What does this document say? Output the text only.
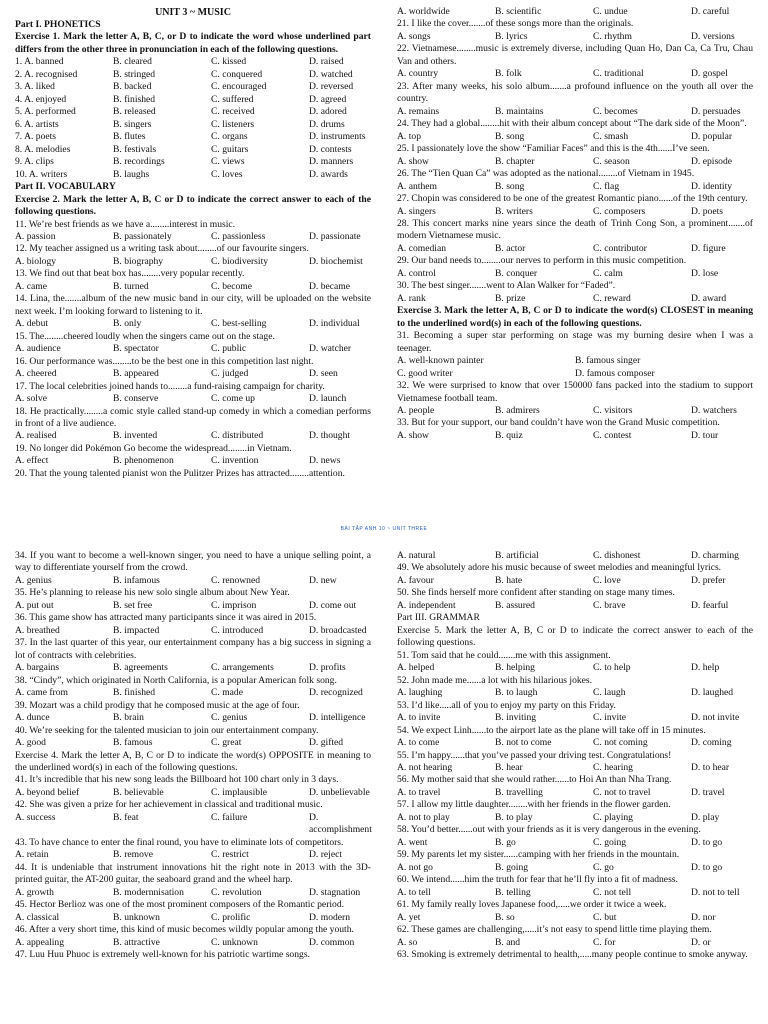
UNIT 3 ~ MUSIC
Part I. PHONETICS
Exercise 1. Mark the letter A, B, C, or D to indicate the word whose underlined part differs from the other three in pronunciation in each of the following questions.
1. A. banned	B. cleared	C. kissed	D. raised
2. A. recognised	B. stringed	C. conquered	D. watched
3. A. liked	B. backed	C. encouraged	D. reversed
4. A. enjoyed	B. finished	C. suffered	D. agreed
5. A. performed	B. released	C. received	D. adored
6. A. artists	B. singers	C. listeners	D. drums
7. A. poets	B. flutes	C. organs	D. instruments
8. A. melodies	B. festivals	C. guitars	D. contests
9. A. clips	B. recordings	C. views	D. manners
10. A. writers	B. laughs	C. loves	D. awards
Part II. VOCABULARY
Exercise 2. Mark the letter A, B, C or D to indicate the correct answer to each of the following questions.
11. We’re best friends as we have a........interest in music.
A. passion	B. passionately	C. passionless	D. passionate
12. My teacher assigned us a writing task about........of our favourite singers.
A. biology	B. biography	C. biodiversity	D. biochemist
13. We find out that beat box has........very popular recently.
A. came	B. turned	C. become	D. became
14. Lina, the.......album of the new music band in our city, will be uploaded on the website next week. I’m looking forward to listening to it.
A. debut	B. only	C. best-selling	D. individual
15. The........cheered loudly when the singers came out on the stage.
A. audience	B. spectator	C. public	D. watcher
16. Our performance was........to be the best one in this competition last night.
A. cheered	B. appeared	C. judged	D. seen
17. The local celebrities joined hands to........a fund-raising campaign for charity.
A. solve	B. conserve	C. come up	D. launch
18. He practically........a comic style called stand-up comedy in which a comedian performs in front of a live audience.
A. realised	B. invented	C. distributed	D. thought
19. No longer did Pokémon Go become the widespread........in Vietnam.
A. effect	B. phenomenon	C. invention	D. news
20. That the young talented pianist won the Pulitzer Prizes has attracted........attention.
A. worldwide	B. scientific	C. undue	D. careful
21. I like the cover.......of these songs more than the originals.
A. songs	B. lyrics	C. rhythm	D. versions
22. Vietnamese........music is extremely diverse, including Quan Ho, Dan Ca, Ca Tru, Chau Van and others.
A. country	B. folk	C. traditional	D. gospel
23. After many weeks, his solo album.......a profound influence on the youth all over the country.
A. remains	B. maintains	C. becomes	D. persuades
24. They had a global........hit with their album concept about “The dark side of the Moon”.
A. top	B. song	C. smash	D. popular
25. I passionately love the show “Familiar Faces” and this is the 4th......I’ve seen.
A. show	B. chapter	C. season	D. episode
26. The “Tien Quan Ca” was adopted as the national........of Vietnam in 1945.
A. anthem	B. song	C. flag	D. identity
27. Chopin was considered to be one of the greatest Romantic piano......of the 19th century.
A. singers	B. writers	C. composers	D. poets
28. This concert marks nine years since the death of Trinh Cong Son, a prominent.......of modern Vietnamese music.
A. comedian	B. actor	C. contributor	D. figure
29. Our band needs to........our nerves to perform in this music competition.
A. control	B. conquer	C. calm	D. lose
30. The best singer.......went to Alan Walker for “Faded”.
A. rank	B. prize	C. reward	D. award
Exercise 3. Mark the letter A, B, C or D to indicate the word(s) CLOSEST in meaning to the underlined word(s) in each of the following questions.
31. Becoming a super star performing on stage was my burning desire when I was a teenager.
A. well-known painter	B. famous singer
C. good writer	D. famous composer
32. We were surprised to know that over 150000 fans packed into the stadium to support Vietnamese football team.
A. people	B. admirers	C. visitors	D. watchers
33. But for your support, our band couldn’t have won the Grand Music competition.
A. show	B. quiz	C. contest	D. tour
BÀI TẬP ANH 10 ~ UNIT THREE
34. If you want to become a well-known singer, you need to have a unique selling point, a way to differentiate yourself from the crowd.
A. genius	B. infamous	C. renowned	D. new
35. He’s planning to release his new solo single album about New Year.
A. put out	B. set free	C. imprison	D. come out
36. This game show has attracted many participants since it was aired in 2015.
A. breathed	B. impacted	C. introduced	D. broadcasted
37. In the last quarter of this year, our entertainment company has a big success in signing a lot of contracts with celebrities.
A. bargains	B. agreements	C. arrangements	D. profits
38. “Cindy”, which originated in North California, is a popular American folk song.
A. came from	B. finished	C. made	D. recognized
39. Mozart was a child prodigy that he composed music at the age of four.
A. dunce	B. brain	C. genius	D. intelligence
40. We’re seeking for the talented musician to join our entertainment company.
A. good	B. famous	C. great	D. gifted
Exercise 4. Mark the letter A, B, C or D to indicate the word(s) OPPOSITE in meaning to the underlined word(s) in each of the following questions.
41. It’s incredible that his new song leads the Billboard hot 100 chart only in 3 days.
A. beyond belief	B. believable	C. implausible	D. unbelievable
42. She was given a prize for her achievement in classical and traditional music.
A. success	B. feat	C. failure	D. accomplishment
43. To have chance to enter the final round, you have to eliminate lots of competitors.
A. retain	B. remove	C. restrict	D. reject
44. It is undeniable that instrument innovations hit the right note in 2013 with the 3D-printed guitar, the AT-200 guitar, the seaboard grand and the wheel harp.
A. growth	B. modernnisation	C. revolution	D. stagnation
45. Hector Berlioz was one of the most prominent composers of the Romantic period.
A. classical	B. unknown	C. prolific	D. modern
46. After a very short time, this kind of music becomes wildly popular among the youth.
A. appealing	B. attractive	C. unknown	D. common
47. Luu Huu Phuoc is extremely well-known for his patriotic wartime songs.
A. natural	B. artificial	C. dishonest	D. charming
49. We absolutely adore his music because of sweet melodies and meaningful lyrics.
A. favour	B. hate	C. love	D. prefer
50. She finds herself more confident after standing on stage many times.
A. independent	B. assured	C. brave	D. fearful
Part III. GRAMMAR
Exercise 5. Mark the letter A, B, C or D to indicate the correct answer to each of the following questions.
51. Tom said that he could.......me with this assignment.
A. helped	B. helping	C. to help	D. help
52. John made me......a lot with his hilarious jokes.
A. laughing	B. to laugh	C. laugh	D. laughed
53. I’d like.....all of you to enjoy my party on this Friday.
A. to invite	B. inviting	C. invite	D. not invite
54. We expect Linh......to the airport late as the plane will take off in 15 minutes.
A. to come	B. not to come	C. not coming	D. coming
55. I’m happy......that you’ve passed your driving test. Congratulations!
A. not hearing	B. hear	C. hearing	D. to hear
56. My mother said that she would rather......to Hoi An than Nha Trang.
A. to travel	B. travelling	C. not to travel	D. travel
57. I allow my little daughter........with her friends in the flower garden.
A. not to play	B. to play	C. playing	D. play
58. You’d better......out with your friends as it is very dangerous in the evening.
A. went	B. go	C. going	D. to go
59. My parents let my sister......camping with her friends in the mountain.
A. not go	B. going	C. go	D. to go
60. We intend......him the truth for fear that he’ll fly into a fit of madness.
A. to tell	B. telling	C. not tell	D. not to tell
61. My family really loves Japanese food,.....we order it twice a week.
A. yet	B. so	C. but	D. nor
62. These games are challenging,.....it’s not easy to spend little time playing them.
A. so	B. and	C. for	D. or
63. Smoking is extremely detrimental to health,.....many people continue to smoke anyway.
